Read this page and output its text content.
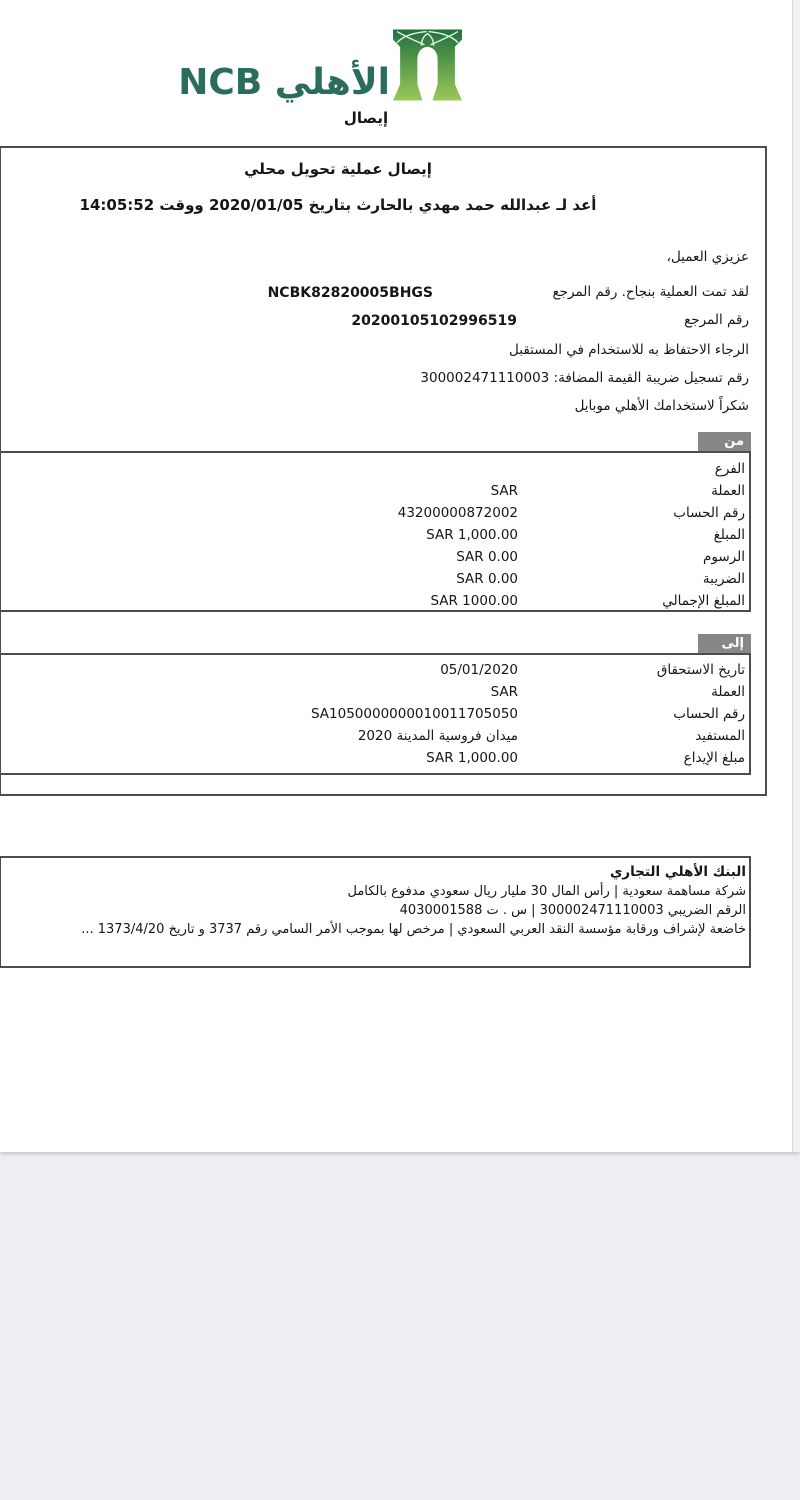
الأهلي NCB
إيصال
إيصال عملية تحويل محلي
أعد لـ عبدالله حمد مهدي بالحارث بتاريخ 2020/01/05 ووقت 14:05:52
عزيزي العميل،
لقد تمت العملية بنجاح. رقم المرجع
NCBK82820005BHGS
رقم المرجع
20200105102996519
الرجاء الاحتفاظ به للاستخدام في المستقبل
رقم تسجيل ضريبة القيمة المضافة: 300002471110003
شكراً لاستخدامك الأهلي موبايل
من
الفرع
العملة
SAR
رقم الحساب
43200000872002
المبلغ
1,000.00 SAR
الرسوم
0.00 SAR
الضريبة
0.00 SAR
المبلغ الإجمالي
1000.00 SAR
إلى
تاريخ الاستحقاق
05/01/2020
العملة
SAR
رقم الحساب
SA1050000000010011705050
المستفيد
ميدان فروسية المدينة 2020
مبلغ الإيداع
1,000.00 SAR
البنك الأهلي التجاري
شركة مساهمة سعودية | رأس المال 30 مليار ريال سعودي مدفوع بالكامل
الرقم الضريبي 300002471110003 | س . ت 4030001588
خاضعة لإشراف ورقابة مؤسسة النقد العربي السعودي | مرخص لها بموجب الأمر السامي رقم 3737 و تاريخ 1373/4/20 ...
